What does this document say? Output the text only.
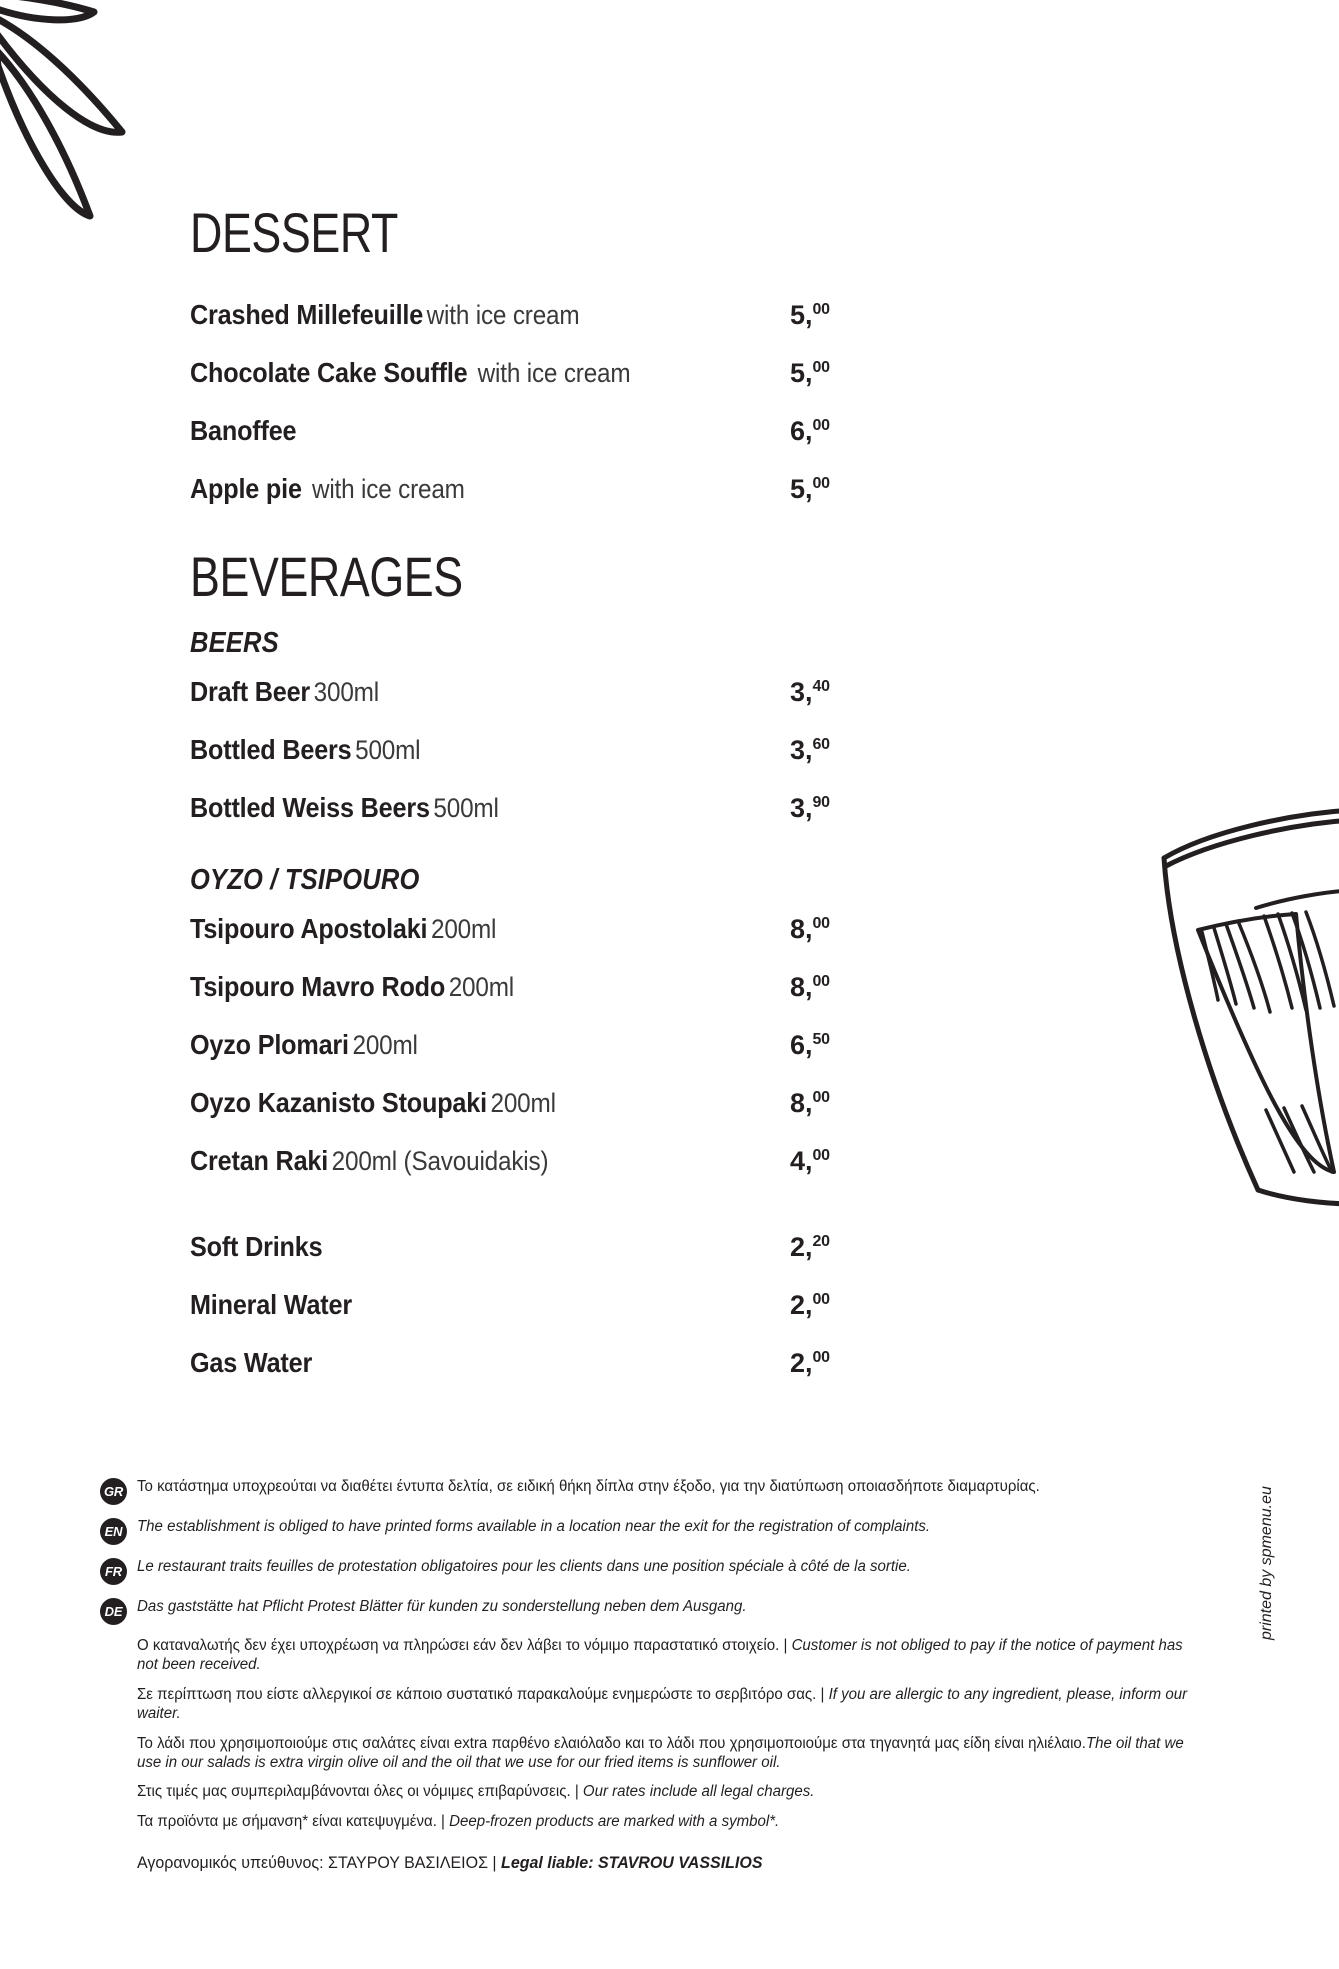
DESSERT
Crashed Millefeuille with ice cream	5,00
Chocolate Cake Souffle with ice cream	5,00
Banoffee	6,00
Apple pie with ice cream	5,00
BEVERAGES
BEERS
Draft Beer 300ml	3,40
Bottled Beers 500ml	3,60
Bottled Weiss Beers 500ml	3,90
OYZO / TSIPOURO
Tsipouro Apostolaki 200ml	8,00
Tsipouro Mavro Rodo 200ml	8,00
Oyzo Plomari 200ml	6,50
Oyzo Kazanisto Stoupaki 200ml	8,00
Cretan Raki 200ml (Savouidakis)	4,00
Soft Drinks	2,20
Mineral Water	2,00
Gas Water	2,00
GR Το κατάστημα υποχρεούται να διαθέτει έντυπα δελτία, σε ειδική θήκη δίπλα στην έξοδο, για την διατύπωση οποιασδήποτε διαμαρτυρίας.
EN The establishment is obliged to have printed forms available in a location near the exit for the registration of complaints.
FR Le restaurant traits feuilles de protestation obligatoires pour les clients dans une position spéciale à côté de la sortie.
DE Das gaststätte hat Pflicht Protest Blätter für kunden zu sonderstellung neben dem Ausgang.
Ο καταναλωτής δεν έχει υποχρέωση να πληρώσει εάν δεν λάβει το νόμιμο παραστατικό στοιχείο. | Customer is not obliged to pay if the notice of payment has not been received.
Σε περίπτωση που είστε αλλεργικοί σε κάποιο συστατικό παρακαλούμε ενημερώστε το σερβιτόρο σας. | If you are allergic to any ingredient, please, inform our waiter.
Το λάδι που χρησιμοποιούμε στις σαλάτες είναι extra παρθένο ελαιόλαδο και το λάδι που χρησιμοποιούμε στα τηγανητά μας είδη είναι ηλιέλαιο.The oil that we use in our salads is extra virgin olive oil and the oil that we use for our fried items is sunflower oil.
Στις τιμές μας συμπεριλαμβάνονται όλες οι νόμιμες επιβαρύνσεις. | Our rates include all legal charges.
Τα προϊόντα με σήμανση* είναι κατεψυγμένα. | Deep-frozen products are marked with a symbol*.
Αγορανομικός υπεύθυνος: ΣΤΑΥΡΟΥ ΒΑΣΙΛΕΙΟΣ | Legal liable: STAVROU VASSILIOS
printed by spmenu.eu
